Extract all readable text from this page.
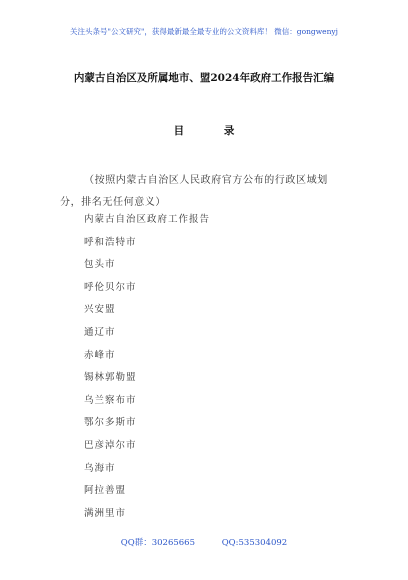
关注头条号"公文研究"，获得最新最全最专业的公文资料库！ 微信：gongwenyj
内蒙古自治区及所属地市、盟2024年政府工作报告汇编
目 录
（按照内蒙古自治区人民政府官方公布的行政区域划
分，排名无任何意义）
内蒙古自治区政府工作报告
呼和浩特市
包头市
呼伦贝尔市
兴安盟
通辽市
赤峰市
锡林郭勒盟
乌兰察布市
鄂尔多斯市
巴彦淖尔市
乌海市
阿拉善盟
满洲里市
QQ群：30265665	QQ:535304092
